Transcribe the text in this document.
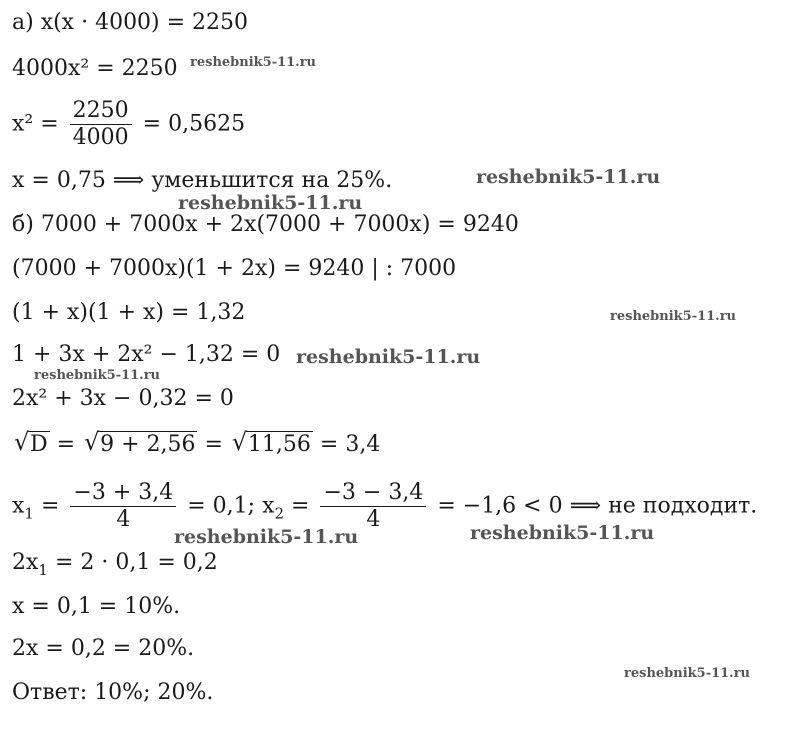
а) x(x · 4000) = 2250
4000x² = 2250
$x^2 = \frac{2250}{4000} = 0,5625$
x = 0,75 ⟹ уменьшится на 25%.
б) 7000 + 7000x + 2x(7000 + 7000x) = 9240
(7000 + 7000x)(1 + 2x) = 9240 | : 7000
(1 + x)(1 + x) = 1,32
1 + 3x + 2x² − 1,32 = 0
2x² + 3x − 0,32 = 0
√ D = √ 9 + 2,56 = √ 11,56 = 3,4
$x_1 = \frac{-3 + 3,4}{4} = 0,1$; $x_2 = \frac{-3 - 3,4}{4} = -1,6 < 0$ ⟹ не подходит.
$2x_1 = 2 \cdot 0,1 = 0,2$
x = 0,1 = 10%.
2x = 0,2 = 20%.
Ответ: 10%; 20%.
reshebnik5-11.ru
reshebnik5-11.ru
reshebnik5-11.ru
reshebnik5-11.ru
reshebnik5-11.ru
reshebnik5-11.ru
reshebnik5-11.ru	reshebnik5-11.ru
reshebnik5-11.ru
